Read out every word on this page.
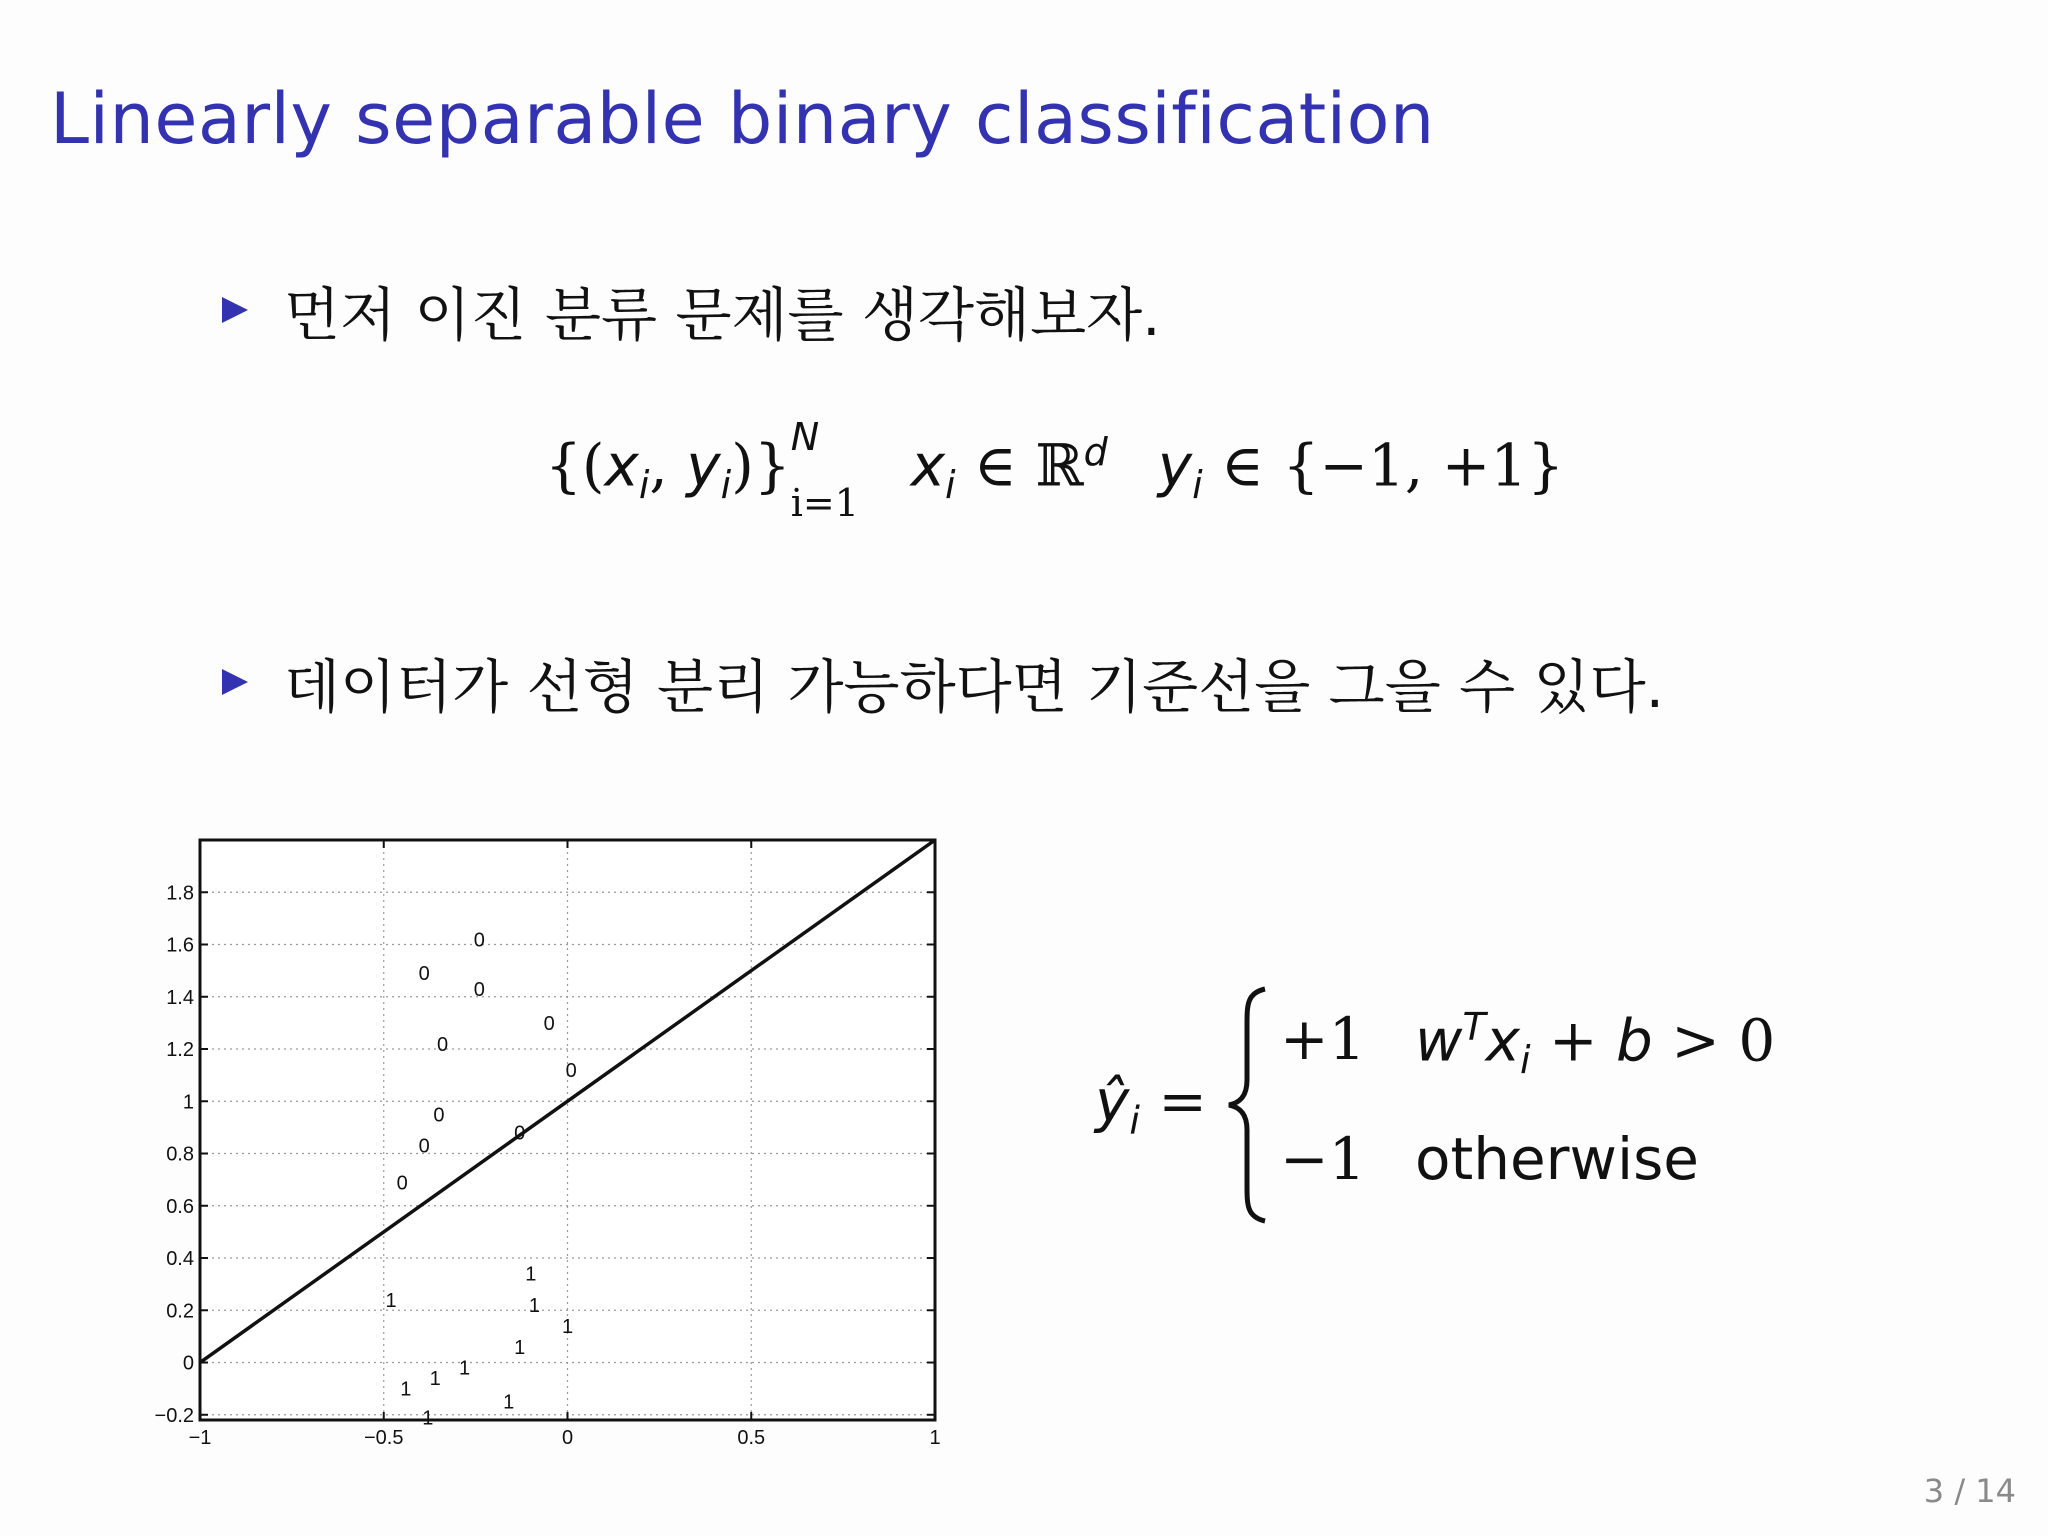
Linearly separable binary classification
먼저 이진 분류 문제를 생각해보자.
{($x_i$, $y_i$)} N
i=1
$x_i$ ∈ ℝ$^d$ $y_i$ ∈ {−1, +1}
데이터가 선형 분리 가능하다면 기준선을 그을 수 있다.
−1	−0.5	0	0.5	1
−0.2
0
0.2
0.4
0.6
0.8
1
1.2
1.4
1.6
1.8
0
0
0
0
0
0
0
0
0
0
1
1
1
1
1
1
1
1
1
1
$ŷ_i$ =
+1 $w^Tx_i + b > 0$
−1 otherwise
3 / 14
